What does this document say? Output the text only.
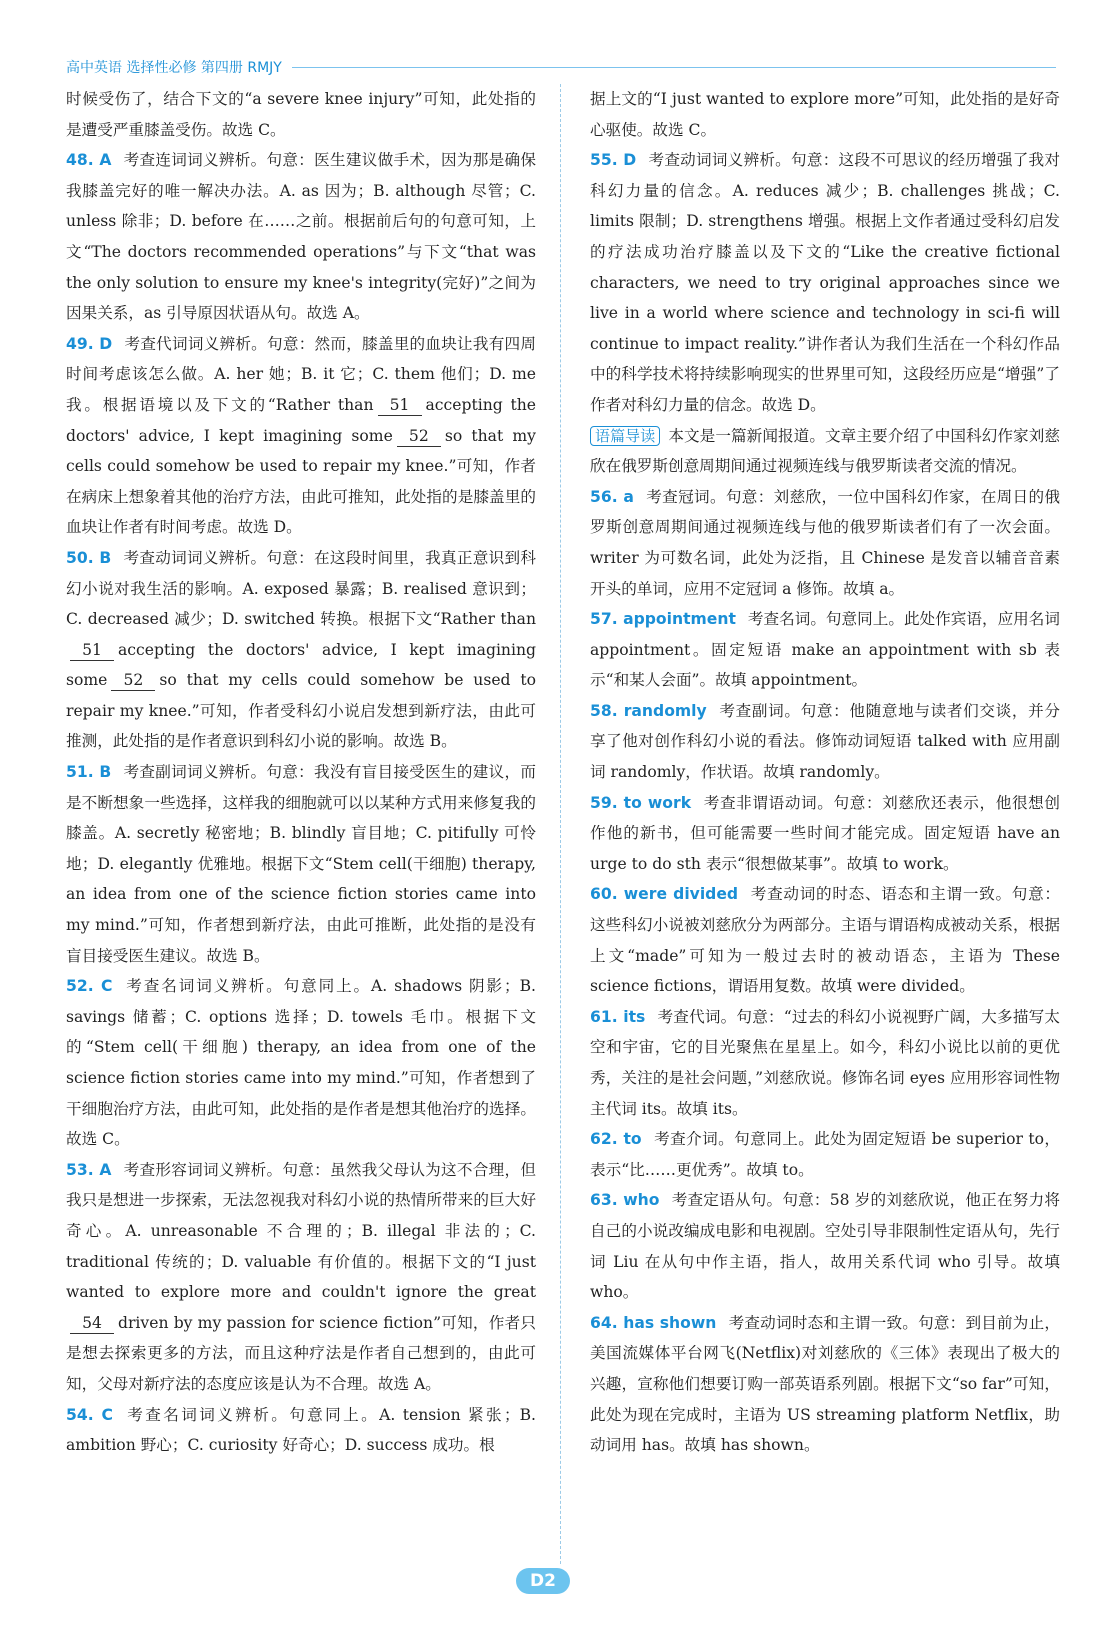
高中英语 选择性必修 第四册 RMJY

时候受伤了，结合下文的“a severe knee injury”可知，此处指的是遭受严重膝盖受伤。故选 C。

48. A 考查连词词义辨析。句意：医生建议做手术，因为那是确保我膝盖完好的唯一解决办法。A. as 因为；B. although 尽管；C. unless 除非；D. before 在……之前。根据前后句的句意可知，上文“The doctors recommended operations”与下文“that was the only solution to ensure my knee's integrity(完好)”之间为因果关系，as 引导原因状语从句。故选 A。

49. D 考查代词词义辨析。句意：然而，膝盖里的血块让我有四周时间考虑该怎么做。A. her 她；B. it 它；C. them 他们；D. me 我。根据语境以及下文的“Rather than 51 accepting the doctors' advice, I kept imagining some 52 so that my cells could somehow be used to repair my knee.”可知，作者在病床上想象着其他的治疗方法，由此可推知，此处指的是膝盖里的血块让作者有时间考虑。故选 D。

50. B 考查动词词义辨析。句意：在这段时间里，我真正意识到科幻小说对我生活的影响。A. exposed 暴露；B. realised 意识到；C. decreased 减少；D. switched 转换。根据下文“Rather than51 accepting the doctors' advice, I kept imagining some 52 so that my cells could somehow be used to repair my knee.”可知，作者受科幻小说启发想到新疗法，由此可推测，此处指的是作者意识到科幻小说的影响。故选 B。

51. B 考查副词词义辨析。句意：我没有盲目接受医生的建议，而是不断想象一些选择，这样我的细胞就可以以某种方式用来修复我的膝盖。A. secretly 秘密地；B. blindly 盲目地；C. pitifully 可怜地；D. elegantly 优雅地。根据下文“Stem cell(干细胞) therapy, an idea from one of the science fiction stories came into my mind.”可知，作者想到新疗法，由此可推断，此处指的是没有盲目接受医生建议。故选 B。

52. C 考查名词词义辨析。句意同上。A. shadows 阴影；B. savings 储蓄；C. options 选择；D. towels 毛巾。根据下文的“Stem cell(干细胞) therapy, an idea from one of the science fiction stories came into my mind.”可知，作者想到了干细胞治疗方法，由此可知，此处指的是作者是想其他治疗的选择。故选 C。

53. A 考查形容词词义辨析。句意：虽然我父母认为这不合理，但我只是想进一步探索，无法忽视我对科幻小说的热情所带来的巨大好奇心。A. unreasonable 不合理的；B. illegal 非法的；C. traditional 传统的；D. valuable 有价值的。根据下文的“I just wanted to explore more and couldn't ignore the great54 driven by my passion for science fiction”可知，作者只是想去探索更多的方法，而且这种疗法是作者自己想到的，由此可知，父母对新疗法的态度应该是认为不合理。故选 A。

54. C 考查名词词义辨析。句意同上。A. tension 紧张；B. ambition 野心；C. curiosity 好奇心；D. success 成功。根

据上文的“I just wanted to explore more”可知，此处指的是好奇心驱使。故选 C。

55. D 考查动词词义辨析。句意：这段不可思议的经历增强了我对科幻力量的信念。A. reduces 减少；B. challenges 挑战；C. limits 限制；D. strengthens 增强。根据上文作者通过受科幻启发的疗法成功治疗膝盖以及下文的“Like the creative fictional characters, we need to try original approaches since we live in a world where science and technology in sci-fi will continue to impact reality.”讲作者认为我们生活在一个科幻作品中的科学技术将持续影响现实的世界里可知，这段经历应是“增强”了作者对科幻力量的信念。故选 D。

语篇导读 本文是一篇新闻报道。文章主要介绍了中国科幻作家刘慈欣在俄罗斯创意周期间通过视频连线与俄罗斯读者交流的情况。

56. a 考查冠词。句意：刘慈欣，一位中国科幻作家，在周日的俄罗斯创意周期间通过视频连线与他的俄罗斯读者们有了一次会面。writer 为可数名词，此处为泛指，且 Chinese 是发音以辅音音素开头的单词，应用不定冠词 a 修饰。故填 a。

57. appointment 考查名词。句意同上。此处作宾语，应用名词 appointment。固定短语 make an appointment with sb 表示“和某人会面”。故填 appointment。

58. randomly 考查副词。句意：他随意地与读者们交谈，并分享了他对创作科幻小说的看法。修饰动词短语 talked with 应用副词 randomly，作状语。故填 randomly。

59. to work 考查非谓语动词。句意：刘慈欣还表示，他很想创作他的新书，但可能需要一些时间才能完成。固定短语 have an urge to do sth 表示“很想做某事”。故填 to work。

60. were divided 考查动词的时态、语态和主谓一致。句意：这些科幻小说被刘慈欣分为两部分。主语与谓语构成被动关系，根据上文“made”可知为一般过去时的被动语态，主语为 These science fictions，谓语用复数。故填 were divided。

61. its 考查代词。句意：“过去的科幻小说视野广阔，大多描写太空和宇宙，它的目光聚焦在星星上。如今，科幻小说比以前的更优秀，关注的是社会问题，”刘慈欣说。修饰名词 eyes 应用形容词性物主代词 its。故填 its。

62. to 考查介词。句意同上。此处为固定短语 be superior to，表示“比……更优秀”。故填 to。

63. who 考查定语从句。句意：58 岁的刘慈欣说，他正在努力将自己的小说改编成电影和电视剧。空处引导非限制性定语从句，先行词 Liu 在从句中作主语，指人，故用关系代词 who 引导。故填 who。

64. has shown 考查动词时态和主谓一致。句意：到目前为止，美国流媒体平台网飞(Netflix)对刘慈欣的《三体》表现出了极大的兴趣，宣称他们想要订购一部英语系列剧。根据下文“so far”可知，此处为现在完成时，主语为 US streaming platform Netflix，助动词用 has。故填 has shown。

D2
